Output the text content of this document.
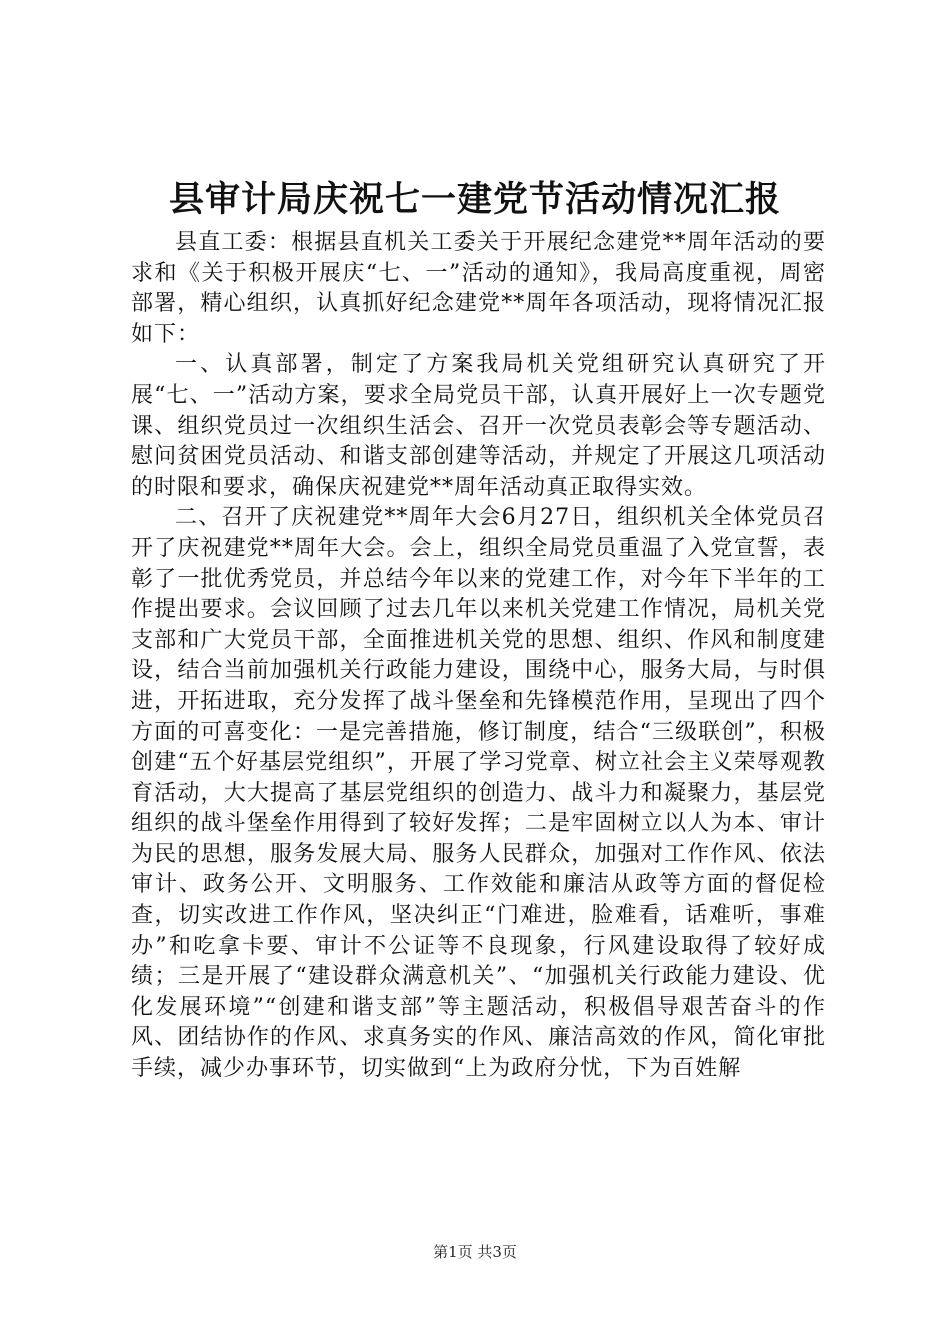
县审计局庆祝七一建党节活动情况汇报

县直工委：根据县直机关工委关于开展纪念建党**周年活动的要求和《关于积极开展庆“七、一”活动的通知》，我局高度重视，周密部署，精心组织，认真抓好纪念建党**周年各项活动，现将情况汇报如下：

一、认真部署，制定了方案我局机关党组研究认真研究了开展“七、一”活动方案，要求全局党员干部，认真开展好上一次专题党课、组织党员过一次组织生活会、召开一次党员表彰会等专题活动、慰问贫困党员活动、和谐支部创建等活动，并规定了开展这几项活动的时限和要求，确保庆祝建党**周年活动真正取得实效。

二、召开了庆祝建党**周年大会6月27日，组织机关全体党员召开了庆祝建党**周年大会。会上，组织全局党员重温了入党宣誓，表彰了一批优秀党员，并总结今年以来的党建工作，对今年下半年的工作提出要求。会议回顾了过去几年以来机关党建工作情况，局机关党支部和广大党员干部，全面推进机关党的思想、组织、作风和制度建设，结合当前加强机关行政能力建设，围绕中心，服务大局，与时俱进，开拓进取，充分发挥了战斗堡垒和先锋模范作用，呈现出了四个方面的可喜变化：一是完善措施，修订制度，结合“三级联创”，积极创建“五个好基层党组织”，开展了学习党章、树立社会主义荣辱观教育活动，大大提高了基层党组织的创造力、战斗力和凝聚力，基层党组织的战斗堡垒作用得到了较好发挥；二是牢固树立以人为本、审计为民的思想，服务发展大局、服务人民群众，加强对工作作风、依法审计、政务公开、文明服务、工作效能和廉洁从政等方面的督促检查，切实改进工作作风，坚决纠正“门难进，脸难看，话难听，事难办”和吃拿卡要、审计不公证等不良现象，行风建设取得了较好成绩；三是开展了“建设群众满意机关”、“加强机关行政能力建设、优化发展环境”“创建和谐支部”等主题活动，积极倡导艰苦奋斗的作风、团结协作的作风、求真务实的作风、廉洁高效的作风，简化审批手续，减少办事环节，切实做到“上为政府分忧，下为百姓解

第1页 共3页
